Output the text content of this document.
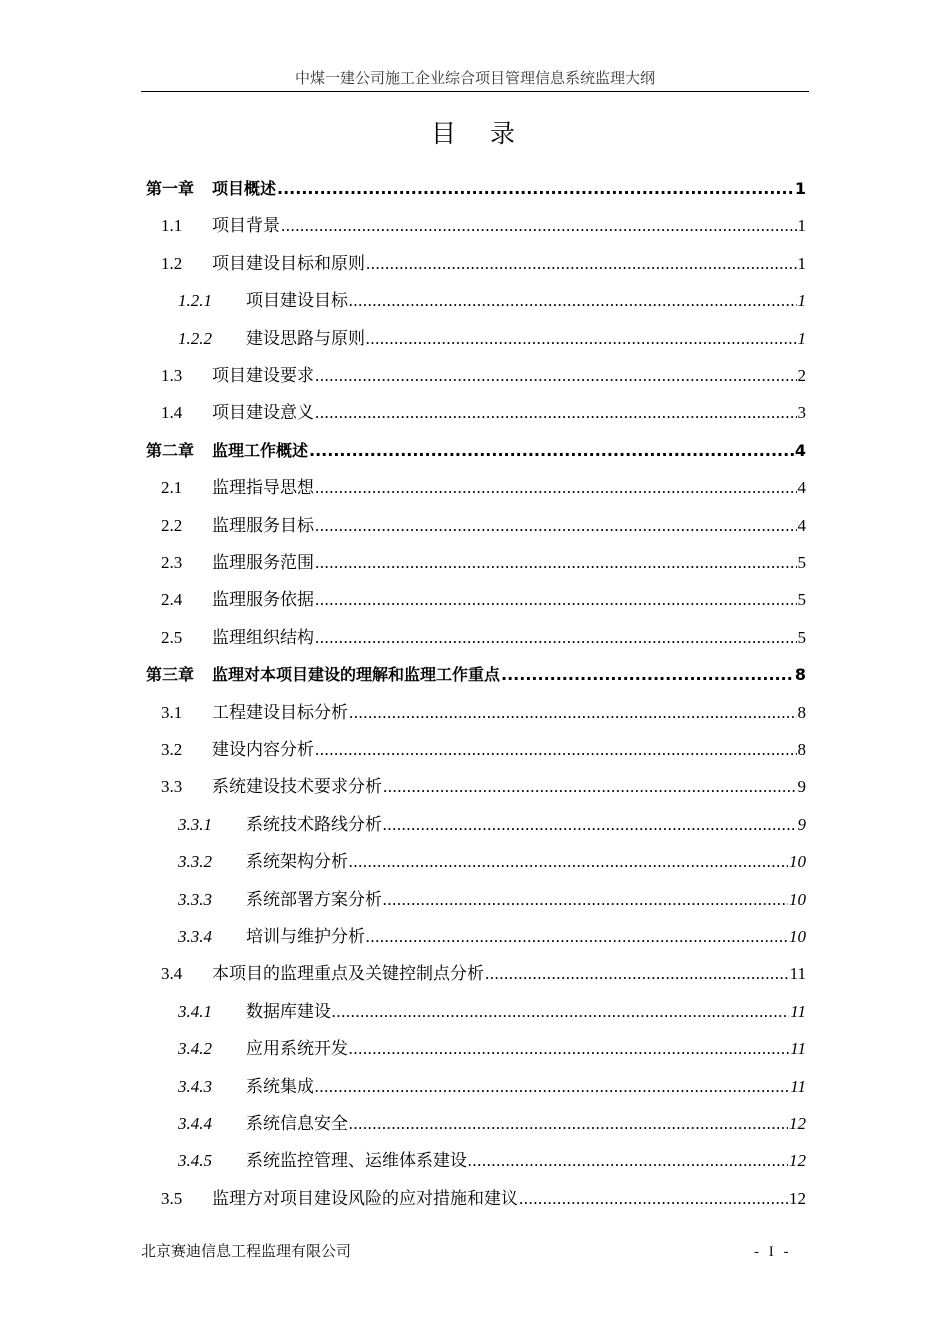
中煤一建公司施工企业综合项目管理信息系统监理大纲
目录
第一章	项目概述 .....	1
1.1	项目背景 .....	1
1.2	项目建设目标和原则 .....	1
1.2.1	项目建设目标 .....	1
1.2.2	建设思路与原则 .....	1
1.3	项目建设要求 .....	2
1.4	项目建设意义 .....	3
第二章	监理工作概述 .....	4
2.1	监理指导思想 .....	4
2.2	监理服务目标 .....	4
2.3	监理服务范围 .....	5
2.4	监理服务依据 .....	5
2.5	监理组织结构 .....	5
第三章	监理对本项目建设的理解和监理工作重点 .....	8
3.1	工程建设目标分析 .....	8
3.2	建设内容分析 .....	8
3.3	系统建设技术要求分析 .....	9
3.3.1	系统技术路线分析 .....	9
3.3.2	系统架构分析 .....	10
3.3.3	系统部署方案分析 .....	10
3.3.4	培训与维护分析 .....	10
3.4	本项目的监理重点及关键控制点分析 .....	11
3.4.1	数据库建设 .....	11
3.4.2	应用系统开发 .....	11
3.4.3	系统集成 .....	11
3.4.4	系统信息安全 .....	12
3.4.5	系统监控管理、运维体系建设 .....	12
3.5	监理方对项目建设风险的应对措施和建议 .....	12
北京赛迪信息工程监理有限公司	- I -
